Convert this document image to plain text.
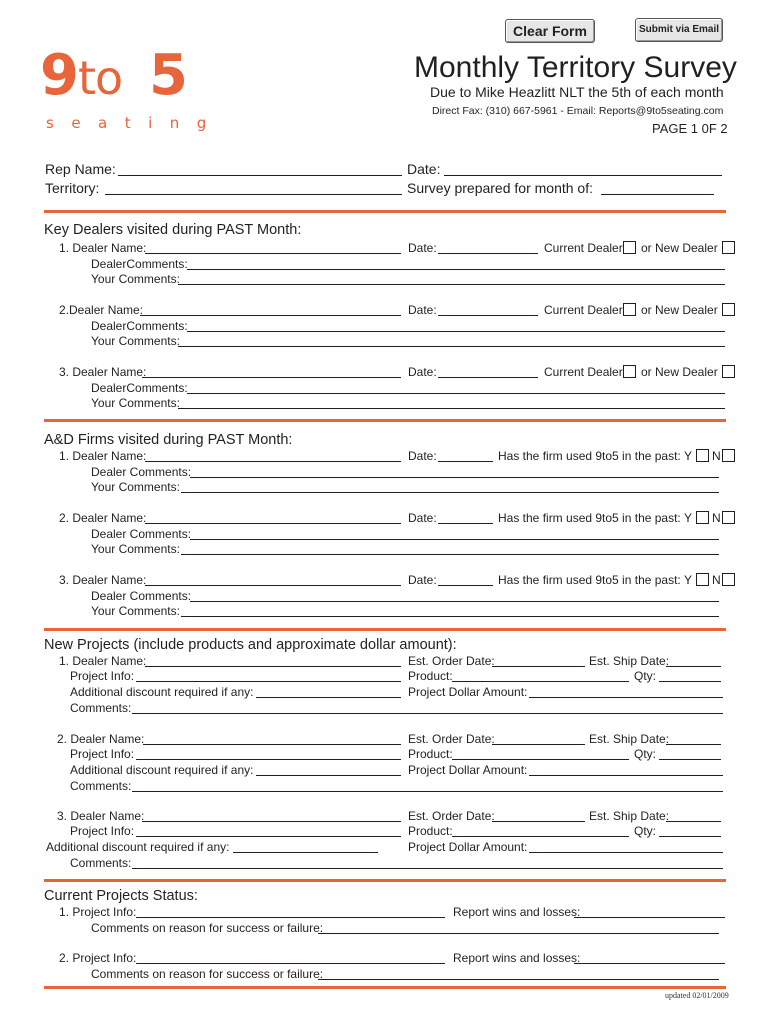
Clear Form	Submit via Email
9 to 5
seating
Monthly Territory Survey
Due to Mike Heazlitt NLT the 5th of each month
Direct Fax: (310) 667-5961 - Email: Reports@9to5seating.com
PAGE 1 0F 2
Rep Name:	Date:
Territory:	Survey prepared for month of:
Key Dealers visited during PAST Month:
1. Dealer Name:	Date:	Current Dealer or New Dealer
DealerComments:
Your Comments:
2.Dealer Name:	Date:	Current Dealer or New Dealer
DealerComments:
Your Comments:
3. Dealer Name:	Date:	Current Dealer or New Dealer
DealerComments:
Your Comments:
A&D Firms visited during PAST Month:
1. Dealer Name:	Date:	Has the firm used 9to5 in the past: Y N
Dealer Comments:
Your Comments:
2. Dealer Name:	Date:	Has the firm used 9to5 in the past: Y N
Dealer Comments:
Your Comments:
3. Dealer Name:	Date:	Has the firm used 9to5 in the past: Y N
Dealer Comments:
Your Comments:
New Projects (include products and approximate dollar amount):
1. Dealer Name:	Est. Order Date:	Est. Ship Date:
Project Info:	Product:	Qty:
Additional discount required if any:	Project Dollar Amount:
Comments:
2. Dealer Name:	Est. Order Date:	Est. Ship Date:
Project Info:	Product:	Qty:
Additional discount required if any:	Project Dollar Amount:
Comments:
3. Dealer Name:	Est. Order Date:	Est. Ship Date:
Project Info:	Product:	Qty:
Additional discount required if any:	Project Dollar Amount:
Comments:
Current Projects Status:
1. Project Info:	Report wins and losses:
Comments on reason for success or failure:
2. Project Info:	Report wins and losses:
Comments on reason for success or failure:
updated 02/01/2009
